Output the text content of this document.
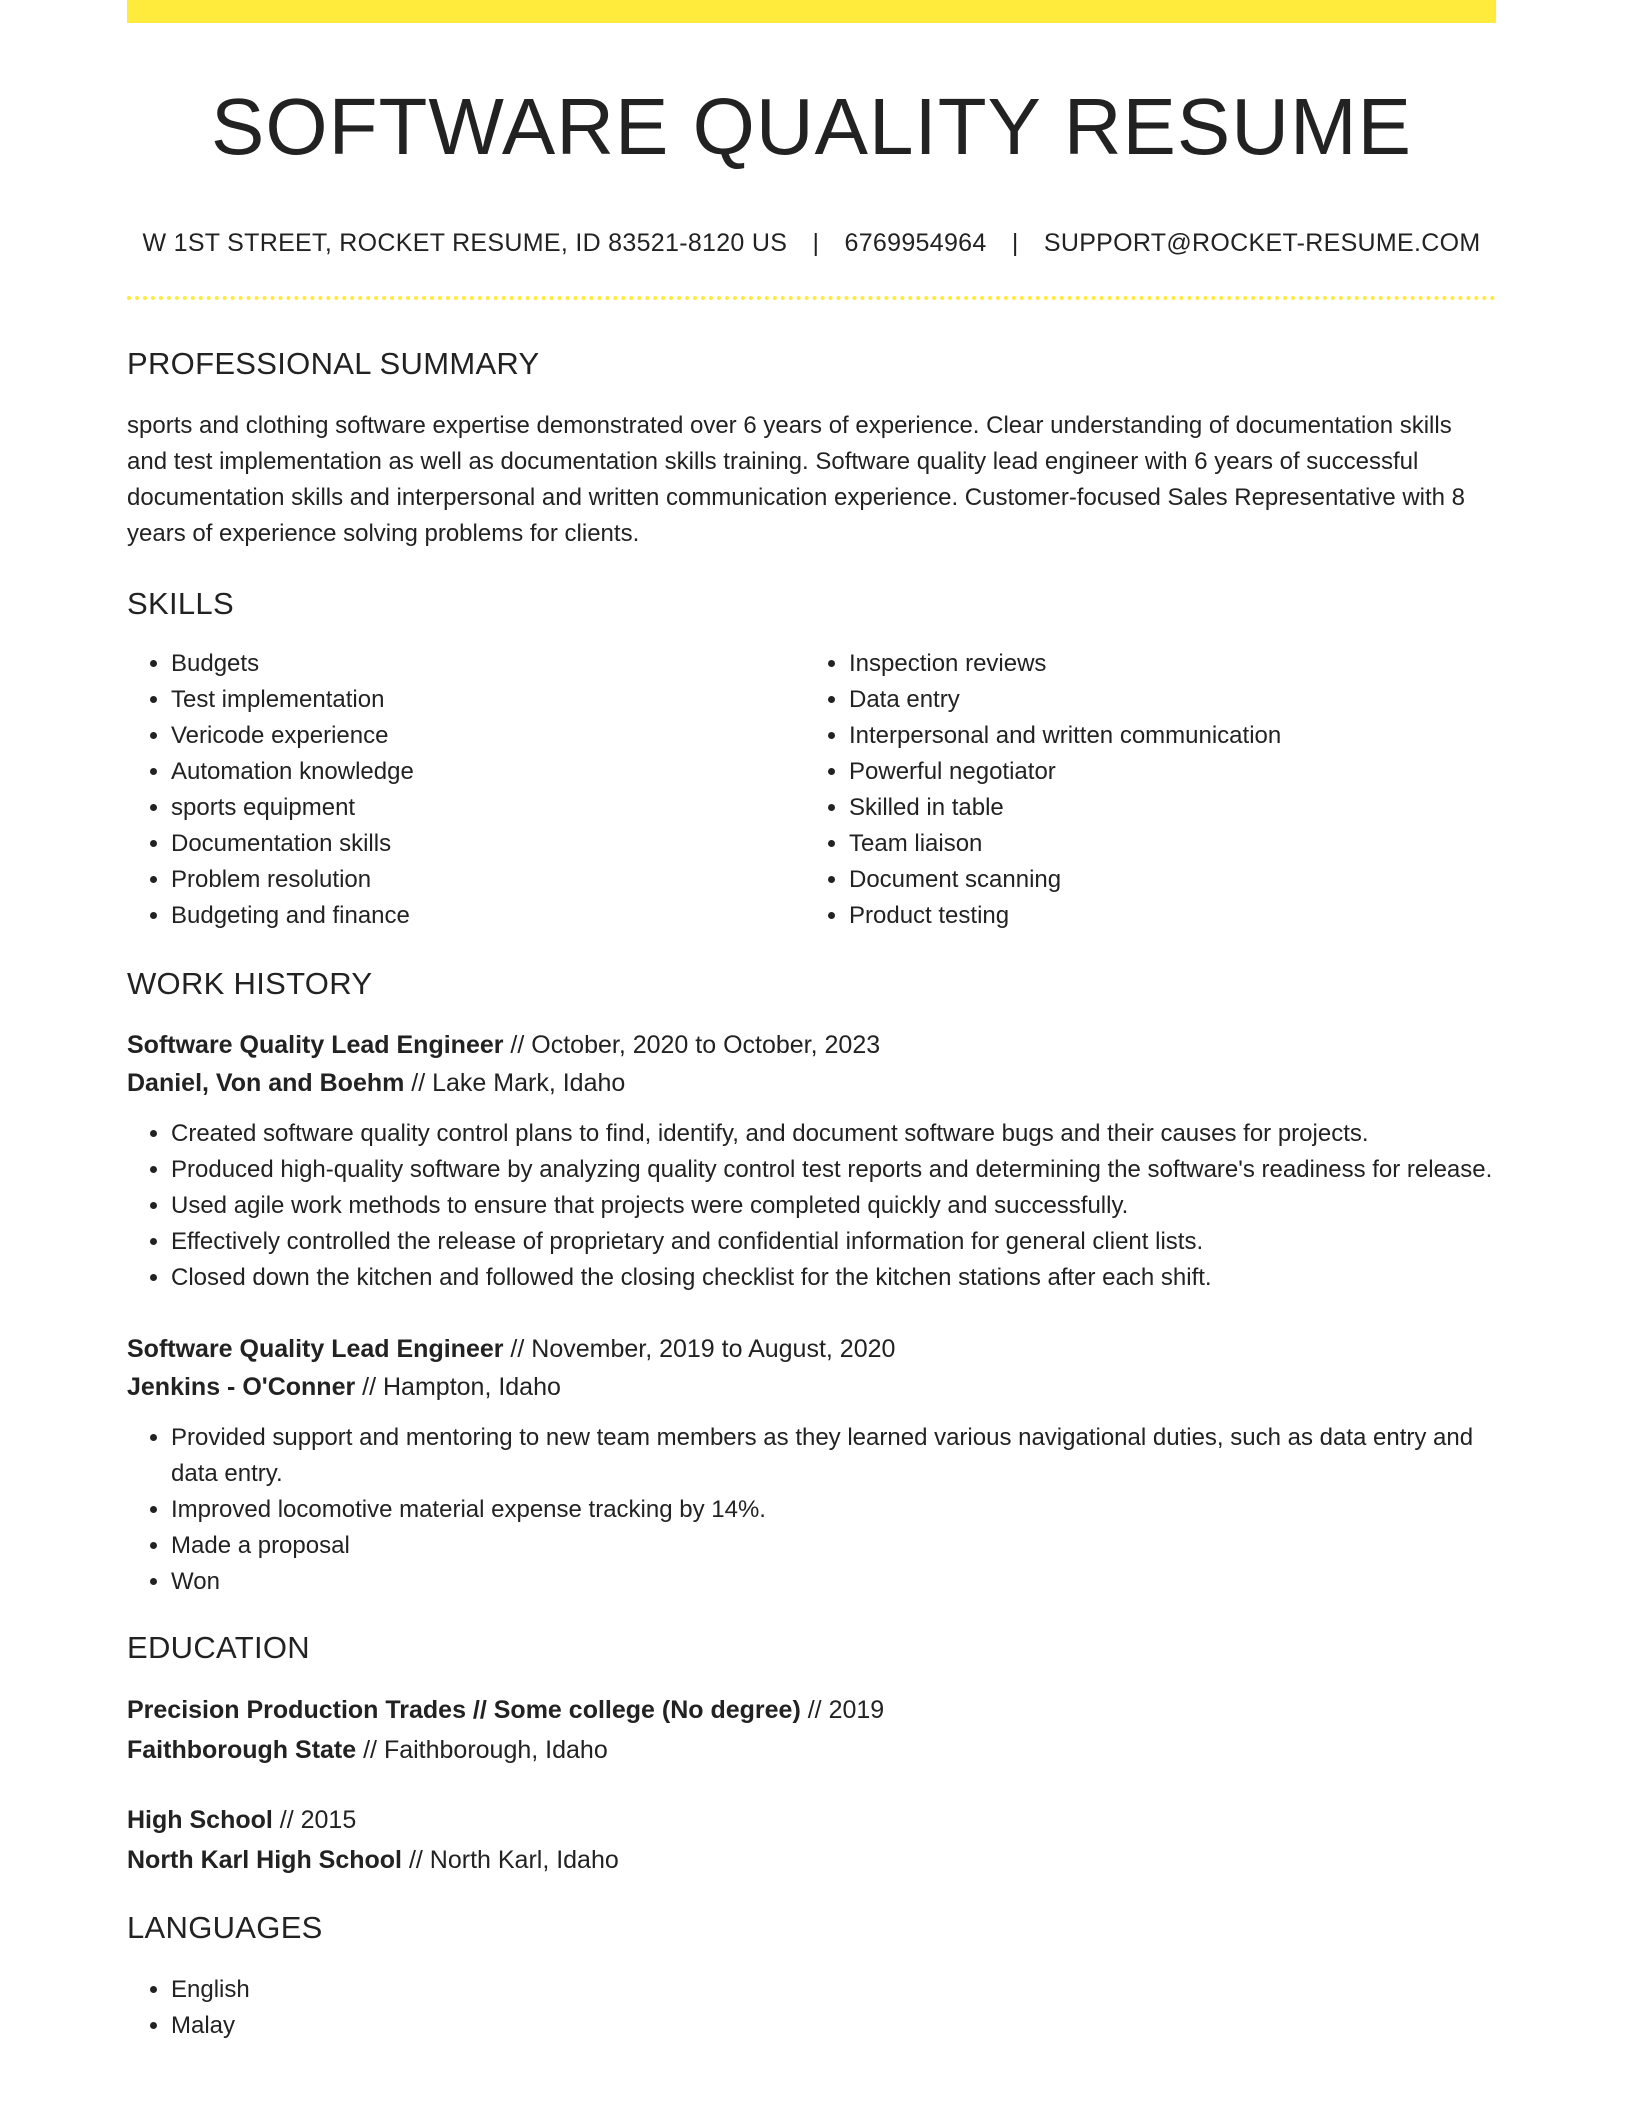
SOFTWARE QUALITY RESUME
W 1ST STREET, ROCKET RESUME, ID 83521-8120 US | 6769954964 | SUPPORT@ROCKET-RESUME.COM
PROFESSIONAL SUMMARY
sports and clothing software expertise demonstrated over 6 years of experience. Clear understanding of documentation skills and test implementation as well as documentation skills training. Software quality lead engineer with 6 years of successful documentation skills and interpersonal and written communication experience. Customer-focused Sales Representative with 8 years of experience solving problems for clients.
SKILLS
• Budgets
• Test implementation
• Vericode experience
• Automation knowledge
• sports equipment
• Documentation skills
• Problem resolution
• Budgeting and finance
• Inspection reviews
• Data entry
• Interpersonal and written communication
• Powerful negotiator
• Skilled in table
• Team liaison
• Document scanning
• Product testing
WORK HISTORY
Software Quality Lead Engineer // October, 2020 to October, 2023
Daniel, Von and Boehm // Lake Mark, Idaho
• Created software quality control plans to find, identify, and document software bugs and their causes for projects.
• Produced high-quality software by analyzing quality control test reports and determining the software's readiness for release.
• Used agile work methods to ensure that projects were completed quickly and successfully.
• Effectively controlled the release of proprietary and confidential information for general client lists.
• Closed down the kitchen and followed the closing checklist for the kitchen stations after each shift.
Software Quality Lead Engineer // November, 2019 to August, 2020
Jenkins - O'Conner // Hampton, Idaho
• Provided support and mentoring to new team members as they learned various navigational duties, such as data entry and data entry.
• Improved locomotive material expense tracking by 14%.
• Made a proposal
• Won
EDUCATION
Precision Production Trades // Some college (No degree) // 2019
Faithborough State // Faithborough, Idaho
High School // 2015
North Karl High School // North Karl, Idaho
LANGUAGES
• English
• Malay
